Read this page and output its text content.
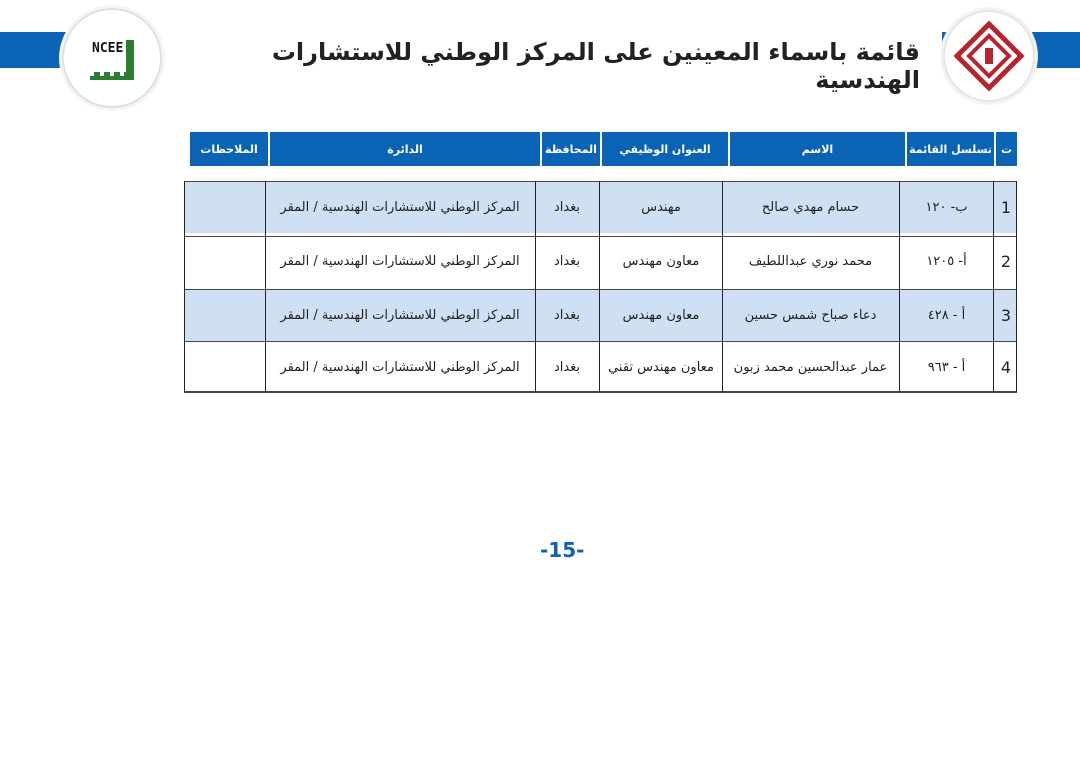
NCEE	قائمة باسماء المعينين على المركز الوطني للاستشارات الهندسية
ت
تسلسل القائمة
الاسم
العنوان الوظيفي
المحافظة
الدائرة
الملاحظات
1
ب- ١٢٠
حسام مهدي صالح
مهندس
بغداد
المركز الوطني للاستشارات الهندسية / المقر
2
أ- ١٢٠٥
محمد نوري عبداللطيف
معاون مهندس
بغداد
المركز الوطني للاستشارات الهندسية / المقر
3
أ - ٤٢٨
دعاء صباح شمس حسين
معاون مهندس
بغداد
المركز الوطني للاستشارات الهندسية / المقر
4
أ - ٩٦٣
عمار عبدالحسين محمد زبون
معاون مهندس تقني
بغداد
المركز الوطني للاستشارات الهندسية / المقر
-15-
